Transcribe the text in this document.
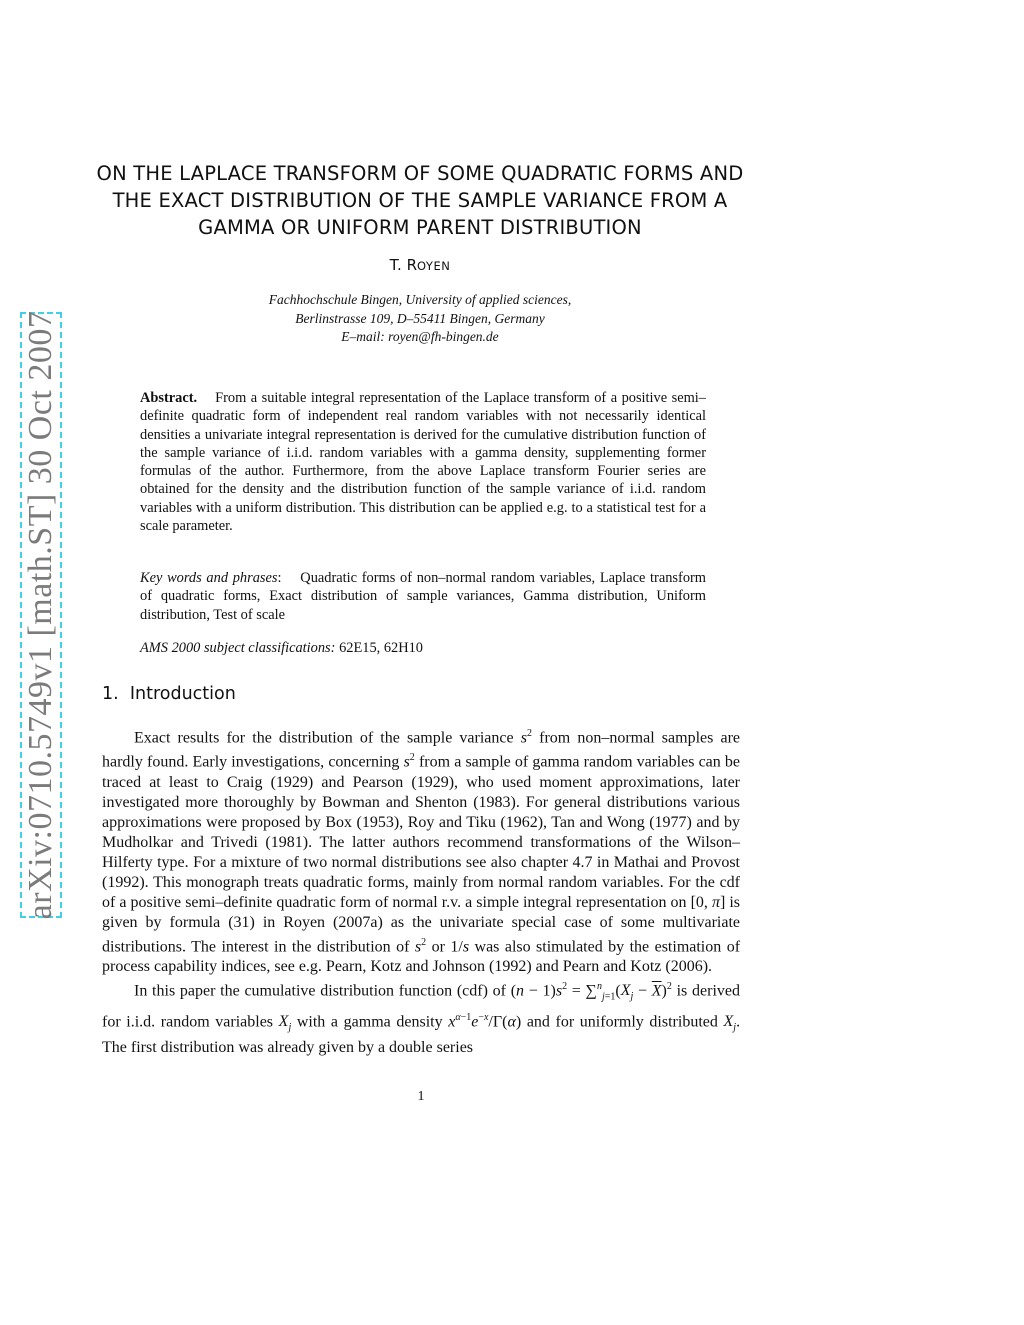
arXiv:0710.5749v1 [math.ST] 30 Oct 2007
ON THE LAPLACE TRANSFORM OF SOME QUADRATIC FORMS AND
THE EXACT DISTRIBUTION OF THE SAMPLE VARIANCE FROM A
GAMMA OR UNIFORM PARENT DISTRIBUTION
T. ROYEN
Fachhochschule Bingen, University of applied sciences,
Berlinstrasse 109, D–55411 Bingen, Germany
E–mail: royen@fh-bingen.de
Abstract. From a suitable integral representation of the Laplace transform of a positive semi–definite quadratic form of independent real random variables with not necessarily identical densities a univariate integral representation is derived for the cumulative distribution function of the sample variance of i.i.d. random variables with a gamma density, supplementing former formulas of the author. Furthermore, from the above Laplace transform Fourier series are obtained for the density and the distribution function of the sample variance of i.i.d. random variables with a uniform distribution. This distribution can be applied e.g. to a statistical test for a scale parameter.
Key words and phrases:    Quadratic forms of non–normal random variables, Laplace transform of quadratic forms, Exact distribution of sample variances, Gamma distribution, Uniform distribution, Test of scale
AMS 2000 subject classifications: 62E15, 62H10
1. Introduction

Exact results for the distribution of the sample variance $s^2$ from non–normal samples are hardly found. Early investigations, concerning $s^2$ from a sample of gamma random variables can be traced at least to Craig (1929) and Pearson (1929), who used moment approximations, later investigated more thoroughly by Bowman and Shenton (1983). For general distributions various approximations were proposed by Box (1953), Roy and Tiku (1962), Tan and Wong (1977) and by Mudholkar and Trivedi (1981). The latter authors recommend transformations of the Wilson–Hilferty type. For a mixture of two normal distributions see also chapter 4.7 in Mathai and Provost (1992). This monograph treats quadratic forms, mainly from normal random variables. For the cdf of a positive semi–definite quadratic form of normal r.v. a simple integral representation on [0, π] is given by formula (31) in Royen (2007a) as the univariate special case of some multivariate distributions. The interest in the distribution of $s^2$ or 1/s was also stimulated by the estimation of process capability indices, see e.g. Pearn, Kotz and Johnson (1992) and Pearn and Kotz (2006).

In this paper the cumulative distribution function (cdf) of $(n - 1)s^2 = \sum^n_{j=1}(X_j - \overline{X})^2$ is derived for i.i.d. random variables $X_j$ with a gamma density $x^{\alpha-1}e^{-x}/\Gamma(\alpha)$ and for uniformly distributed $X_j$. The first distribution was already given by a double series

1
